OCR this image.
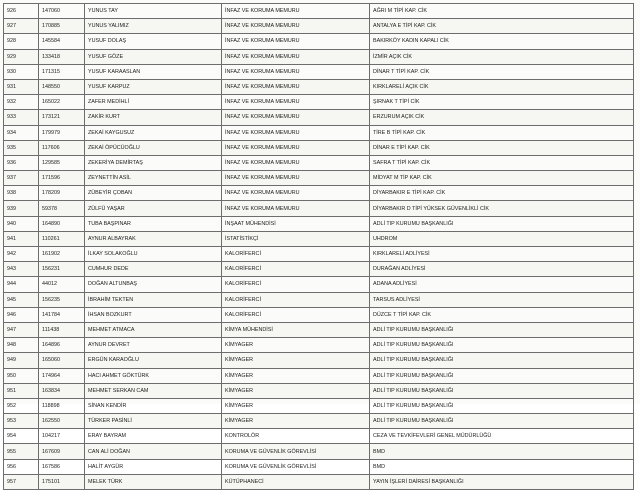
926	147060	YUNUS TAY	İNFAZ VE KORUMA MEMURU	AĞRI M TİPİ KAP. CİK
927	170885	YUNUS YALIMIZ	İNFAZ VE KORUMA MEMURU	ANTALYA E TİPİ KAP. CİK
928	145584	YUSUF DOLAŞ	İNFAZ VE KORUMA MEMURU	BAKIRKÖY KADIN KAPALI CİK
929	133418	YUSUF GÖZE	İNFAZ VE KORUMA MEMURU	İZMİR AÇIK CİK
930	171315	YUSUF KARAASLAN	İNFAZ VE KORUMA MEMURU	DİNAR T TİPİ KAP. CİK
931	148550	YUSUF KARPUZ	İNFAZ VE KORUMA MEMURU	KIRKLARELİ AÇIK CİK
932	165022	ZAFER MEDİHLİ	İNFAZ VE KORUMA MEMURU	ŞIRNAK T TİPİ CİK
933	173121	ZAKİR KURT	İNFAZ VE KORUMA MEMURU	ERZURUM AÇIK CİK
934	179979	ZEKAİ KAYGUSUZ	İNFAZ VE KORUMA MEMURU	TİRE B TİPİ KAP. CİK
935	117606	ZEKAİ ÖPÜCÜOĞLU	İNFAZ VE KORUMA MEMURU	DİNAR E TİPİ KAP. CİK
936	129585	ZEKERİYA DEMİRTAŞ	İNFAZ VE KORUMA MEMURU	SAFRA T TİPİ KAP. CİK
937	171596	ZEYNETTİN ASİL	İNFAZ VE KORUMA MEMURU	MİDYAT M TİP KAP. CİK
938	178209	ZÜBEYİR ÇOBAN	İNFAZ VE KORUMA MEMURU	DİYARBAKIR E TİPİ KAP. CİK
939	59378	ZÜLFÜ YAŞAR	İNFAZ VE KORUMA MEMURU	DİYARBAKIR D TİPİ YÜKSEK GÜVENLİKLİ CİK
940	164890	TUBA BAŞPINAR	İNŞAAT MÜHENDİSİ	ADLİ TIP KURUMU BAŞKANLIĞI
941	110261	AYNUR ALBAYRAK	İSTATİSTİKÇİ	UHDROM
942	161902	İLKAY SOLAKOĞLU	KALORİFERCİ	KIRKLARELİ ADLİYESİ
943	156231	CUMHUR DEDE	KALORİFERCİ	DURAĞAN ADLİYESİ
944	44012	DOĞAN ALTUNBAŞ	KALORİFERCİ	ADANA ADLİYESİ
945	156235	İBRAHİM TEKTEN	KALORİFERCİ	TARSUS ADLİYESİ
946	141784	İHSAN BOZKURT	KALORİFERCİ	DÜZCE T TİPİ KAP. CİK
947	111438	MEHMET ATMACA	KİMYA MÜHENDİSİ	ADLİ TIP KURUMU BAŞKANLIĞI
948	164896	AYNUR DEVRET	KİMYAGER	ADLİ TIP KURUMU BAŞKANLIĞI
949	165060	ERGÜN KARAOĞLU	KİMYAGER	ADLİ TIP KURUMU BAŞKANLIĞI
950	174964	HACI AHMET GÖKTÜRK	KİMYAGER	ADLİ TIP KURUMU BAŞKANLIĞI
951	163834	MEHMET SERKAN CAM	KİMYAGER	ADLİ TIP KURUMU BAŞKANLIĞI
952	118898	SİNAN KENDİR	KİMYAGER	ADLİ TIP KURUMU BAŞKANLIĞI
953	162550	TÜRKER PASİNLİ	KİMYAGER	ADLİ TIP KURUMU BAŞKANLIĞI
954	104217	ERAY BAYRAM	KONTROLÖR	CEZA VE TEVKİFEVLERİ GENEL MÜDÜRLÜĞÜ
955	167609	CAN ALİ DOĞAN	KORUMA VE GÜVENLİK GÖREVLİSİ	BMD
956	167586	HALİT AYGÜR	KORUMA VE GÜVENLİK GÖREVLİSİ	BMD
957	175101	MELEK TÜRK	KÜTÜPHANECİ	YAYIN İŞLERİ DAİRESİ BAŞKANLIĞI
